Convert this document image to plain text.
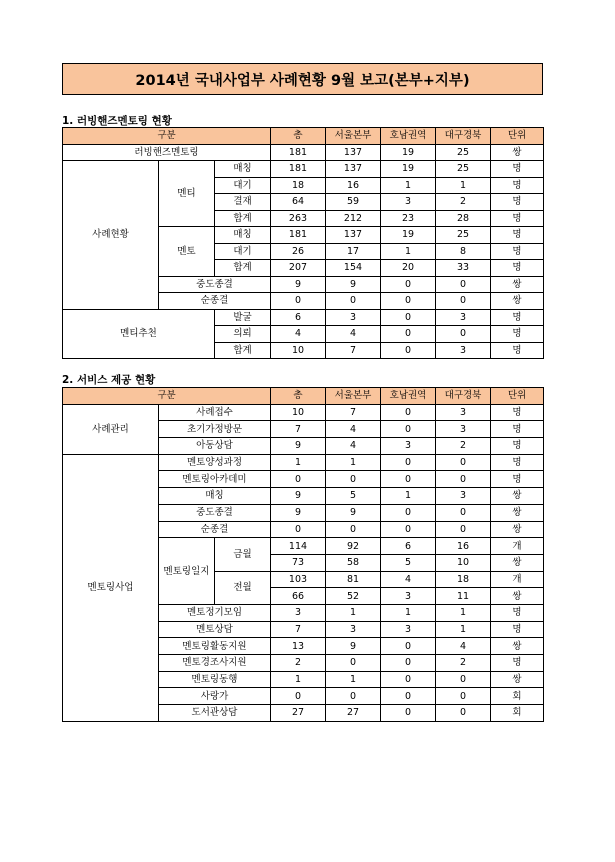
2014년 국내사업부 사례현황 9월 보고(본부+지부)
1. 러빙핸즈멘토링 현황
구분			총	서울본부	호남권역	대구경북	단위
러빙핸즈멘토링			181	137	19	25	쌍
사례현황	멘티	매칭	181	137	19	25	명
		대기	18	16	1	1	명
		결재	64	59	3	2	명
		합계	263	212	23	28	명
	멘토	매칭	181	137	19	25	명
		대기	26	17	1	8	명
		합계	207	154	20	33	명
	중도종결		9	9	0	0	쌍
	순종결		0	0	0	0	쌍
멘티추천		발굴	6	3	0	3	명
		의뢰	4	4	0	0	명
		합계	10	7	0	3	명
2. 서비스 제공 현황
구분			총	서울본부	호남권역	대구경북	단위
사례관리	사례접수		10	7	0	3	명
	초기가정방문		7	4	0	3	명
	아동상담		9	4	3	2	명
멘토링사업	멘토양성과정		1	1	0	0	명
	멘토링아카데미		0	0	0	0	명
	매칭		9	5	1	3	쌍
	중도종결		9	9	0	0	쌍
	순종결		0	0	0	0	쌍
	멘토링일지	금월	114	92	6	16	개
			73	58	5	10	쌍
		전월	103	81	4	18	개
			66	52	3	11	쌍
	멘토정기모임		3	1	1	1	명
	멘토상담		7	3	3	1	명
	멘토링활동지원		13	9	0	4	쌍
	멘토경조사지원		2	0	0	2	명
	멘토링동행		1	1	0	0	쌍
	사랑가		0	0	0	0	회
	도서관상담		27	27	0	0	회
